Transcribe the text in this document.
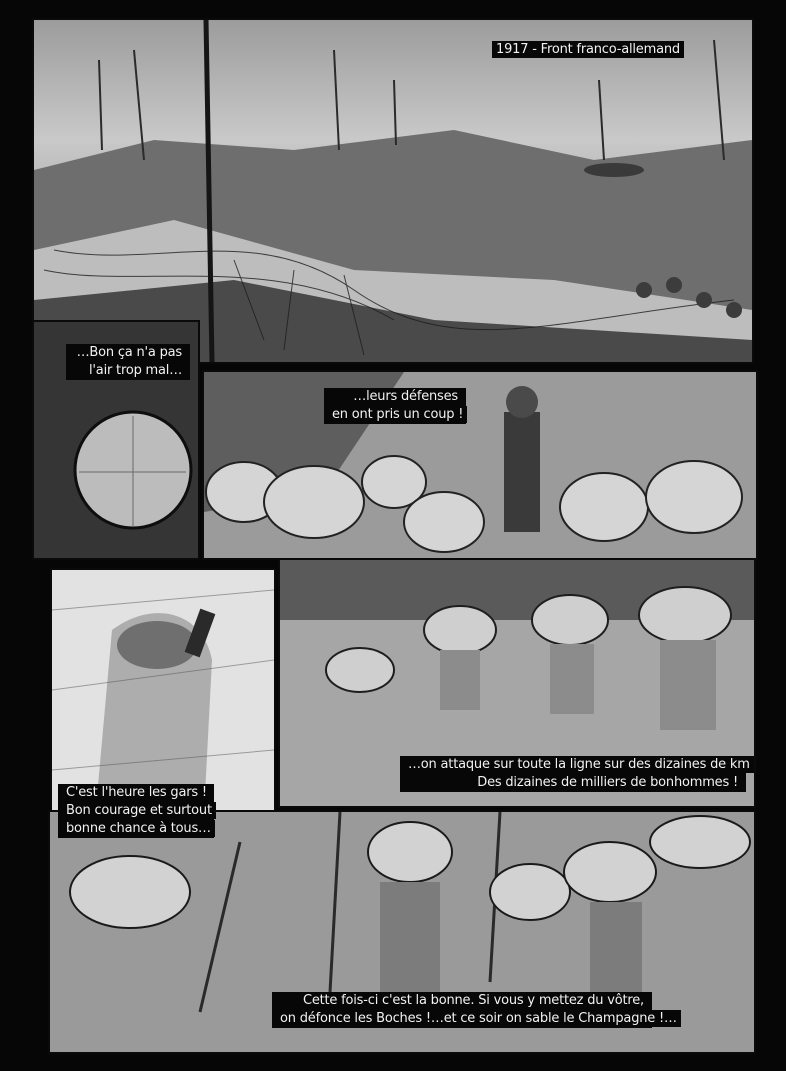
1917 - Front franco-allemand
…Bon ça n'a pas
l'air trop mal…
…leurs défenses
en ont pris un coup !
…on attaque sur toute la ligne sur des dizaines de km
Des dizaines de milliers de bonhommes !
C'est l'heure les gars !
Bon courage et surtout
bonne chance à tous…
Cette fois-ci c'est la bonne. Si vous y mettez du vôtre,
on défonce les Boches !…et ce soir on sable le Champagne !…
